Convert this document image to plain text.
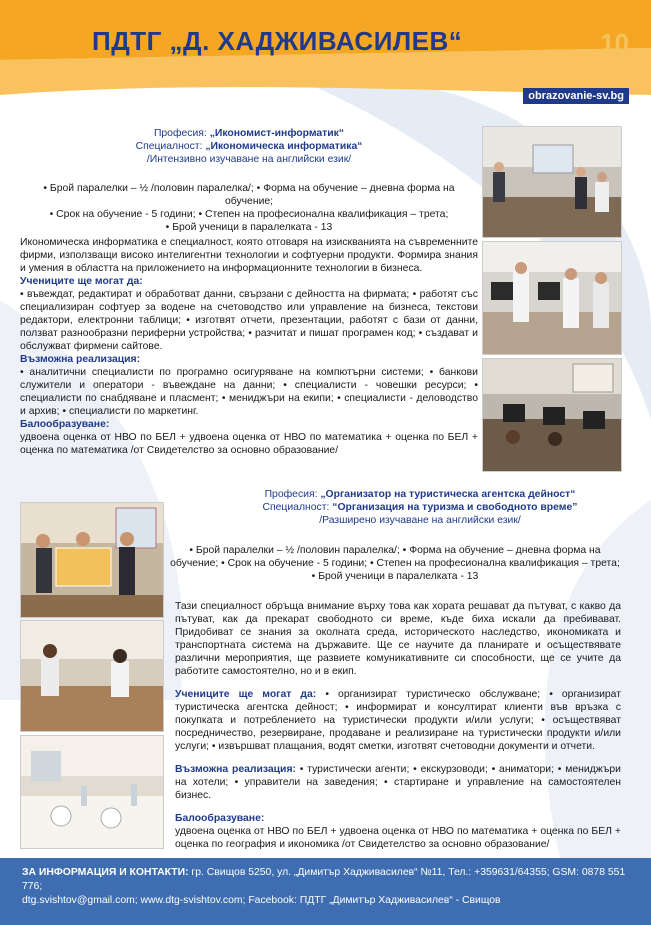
ПДТГ „Д. ХАДЖИВАСИЛЕВ“	10
obrazovanie-sv.bg

Професия: „Икономист-информатик“

Специалност: „Икономическа информатика“

/Интензивно изучаване на английски език/

• Брой паралелки – ½ /половин паралелка/; • Форма на обучение – дневна форма на обучение;

• Срок на обучение - 5 години; • Степен на професионална квалификация – трета;

• Брой ученици в паралелката - 13

Икономическа информатика е специалност, която отговаря на изискванията на съвременните фирми, използващи високо интелигентни технологии и софтуерни продукти. Формира знания и умения в областта на приложението на информационните технологии в бизнеса.

Учениците ще могат да:

• въвеждат, редактират и обработват данни, свързани с дейността на фирмата; • работят със специализиран софтуер за водене на счетоводство или управление на бизнеса, текстови редактори, електронни таблици; • изготвят отчети, презентации, работят с бази от данни, ползват разнообразни периферни устройства; • разчитат и пишат програмен код; • създават и обслужват фирмени сайтове.

Възможна реализация:

• аналитични специалисти по програмно осигуряване на компютърни системи; • банкови служители и оператори - въвеждане на данни; • специалисти - човешки ресурси; • специалисти по снабдяване и пласмент; • мениджъри на екипи; • специалисти - деловодство и архив; • специалисти по маркетинг.

Балообразуване:

удвоена оценка от НВО по БЕЛ + удвоена оценка от НВО по математика + оценка по БЕЛ + оценка по математика /от Свидетелство за основно образование/

Професия: „Организатор на туристическа агентска дейност“

Специалност: “Организация на туризма и свободното време”

/Разширено изучаване на английски език/

• Брой паралелки – ½ /половин паралелка/; • Форма на обучение – дневна форма на

обучение; • Срок на обучение - 5 години; • Степен на професионална квалификация – трета;

• Брой ученици в паралелката - 13

Тази специалност обръща внимание върху това как хората решават да пътуват, с какво да пътуват, как да прекарат свободното си време, къде биха искали да пребивават. Придобиват се знания за околната среда, историческото наследство, икономиката и транспортната система на държавите. Ще се научите да планирате и осъществявате различни мероприятия, ще развиете комуникативните си способности, ще се учите да работите самостоятелно, но и в екип.

Учениците ще могат да: • организират туристическо обслужване; • организират туристическа агентска дейност; • информират и консултират клиенти във връзка с покупката и потреблението на туристически продукти и/или услуги; • осъществяват посредничество, резервиране, продаване и реализиране на туристически продукти и/или услуги; • извършват плащания, водят сметки, изготвят счетоводни документи и отчети.

Възможна реализация: • туристически агенти; • екскурзоводи; • аниматори; • мениджъри на хотели; • управители на заведения; • стартиране и управление на самостоятелен бизнес.

Балообразуване:

удвоена оценка от НВО по БЕЛ + удвоена оценка от НВО по математика + оценка по БЕЛ + оценка по география и икономика /от Свидетелство за основно образование/

ЗА ИНФОРМАЦИЯ И КОНТАКТИ: гр. Свищов 5250, ул. „Димитър Хадживасилев“ №11, Тел.: +359631/64355; GSM: 0878 551 776;

dtg.svishtov@gmail.com; www.dtg-svishtov.com; Facebook: ПДТГ „Димитър Хадживасилев“ - Свищов
